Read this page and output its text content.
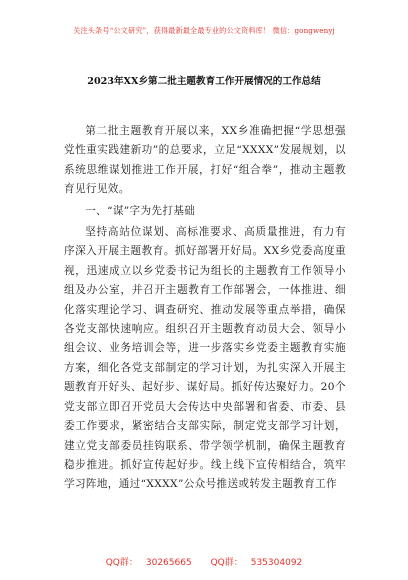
关注头条号“公文研究”，获得最新最全最专业的公文资料库！ 微信：gongwenyj
2023年XX乡第二批主题教育工作开展情况的工作总结

第二批主题教育开展以来，XX乡准确把握“学思想强党性重实践建新功”的总要求，立足“XXXX”发展规划，以系统思维谋划推进工作开展，打好“组合拳”，推动主题教育见行见效。

一、“谋”字为先打基础

坚持高站位谋划、高标准要求、高质量推进，有力有序深入开展主题教育。抓好部署开好局。XX乡党委高度重视，迅速成立以乡党委书记为组长的主题教育工作领导小组及办公室，并召开主题教育工作部署会，一体推进、细化落实理论学习、调查研究、推动发展等重点举措，确保各党支部快速响应。组织召开主题教育动员大会、领导小组会议、业务培训会等，进一步落实乡党委主题教育实施方案，细化各党支部制定的学习计划，为扎实深入开展主题教育开好头、起好步、谋好局。抓好传达聚好力。20个党支部立即召开党员大会传达中央部署和省委、市委、县委工作要求，紧密结合支部实际，制定党支部学习计划，建立党支部委员挂钩联系、带学领学机制，确保主题教育稳步推进。抓好宣传起好步。线上线下宣传相结合，筑牢学习阵地，通过“XXXX”公众号推送或转发主题教育工作

QQ群： 30265665 QQ群： 535304092
